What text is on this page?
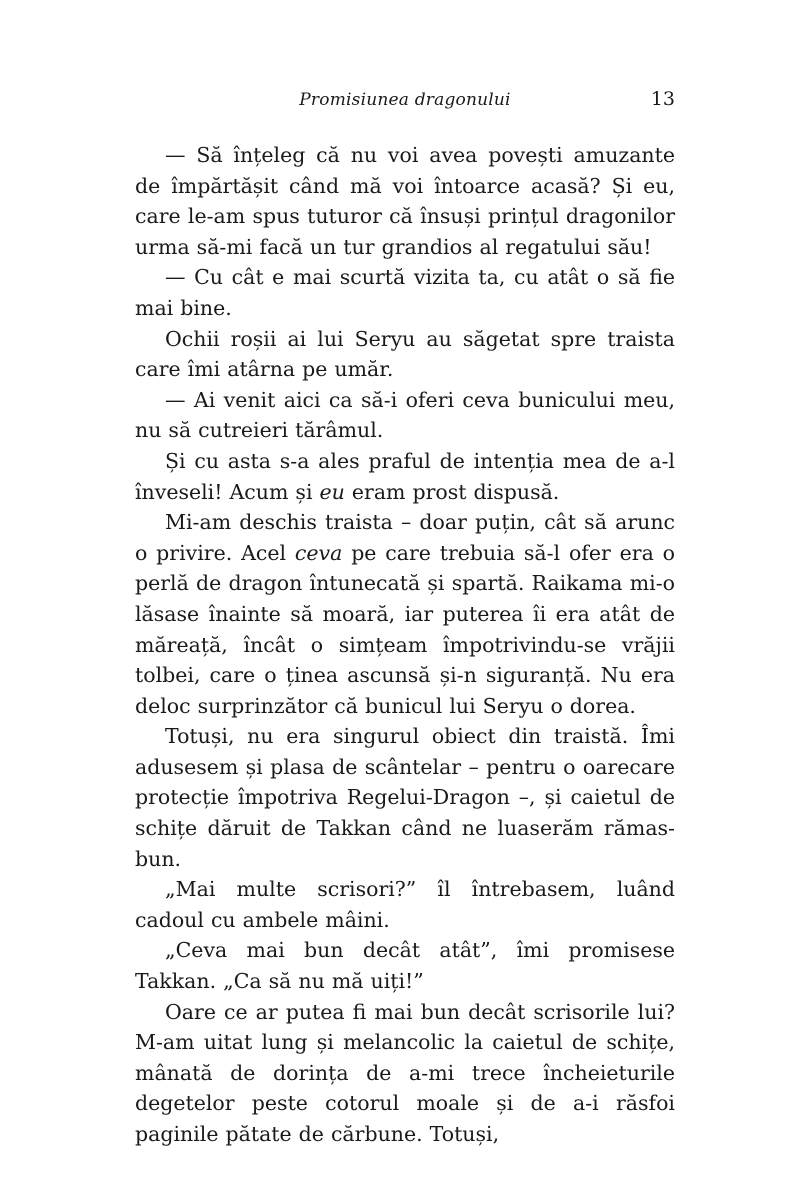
Promisiunea dragonului	13

— Să înțeleg că nu voi avea povești amuzante de împărtășit când mă voi întoarce acasă? Și eu, care le-am spus tuturor că însuși prințul dragonilor urma să-mi facă un tur grandios al regatului său!

— Cu cât e mai scurtă vizita ta, cu atât o să fie mai bine.

Ochii roșii ai lui Seryu au săgetat spre traista care îmi atârna pe umăr.

— Ai venit aici ca să-i oferi ceva bunicului meu, nu să cutreieri tărâmul.

Și cu asta s-a ales praful de intenția mea de a-l înveseli! Acum și eu eram prost dispusă.

Mi-am deschis traista – doar puțin, cât să arunc o privire. Acel ceva pe care trebuia să-l ofer era o perlă de dragon întunecată și spartă. Raikama mi-o lăsase înainte să moară, iar puterea îi era atât de măreață, încât o simțeam împotrivindu-se vrăjii tolbei, care o ținea ascunsă și-n siguranță. Nu era deloc surprinzător că bunicul lui Seryu o dorea.

Totuși, nu era singurul obiect din traistă. Îmi adusesem și plasa de scântelar – pentru o oarecare protecție împotriva Regelui-Dragon –, și caietul de schițe dăruit de Takkan când ne luaserăm rămas-bun.

„Mai multe scrisori?” îl întrebasem, luând cadoul cu ambele mâini.

„Ceva mai bun decât atât”, îmi promisese Takkan. „Ca să nu mă uiți!”

Oare ce ar putea fi mai bun decât scrisorile lui? M-am uitat lung și melancolic la caietul de schițe, mânată de dorința de a-mi trece încheieturile degetelor peste cotorul moale și de a-i răsfoi paginile pătate de cărbune. Totuși,
